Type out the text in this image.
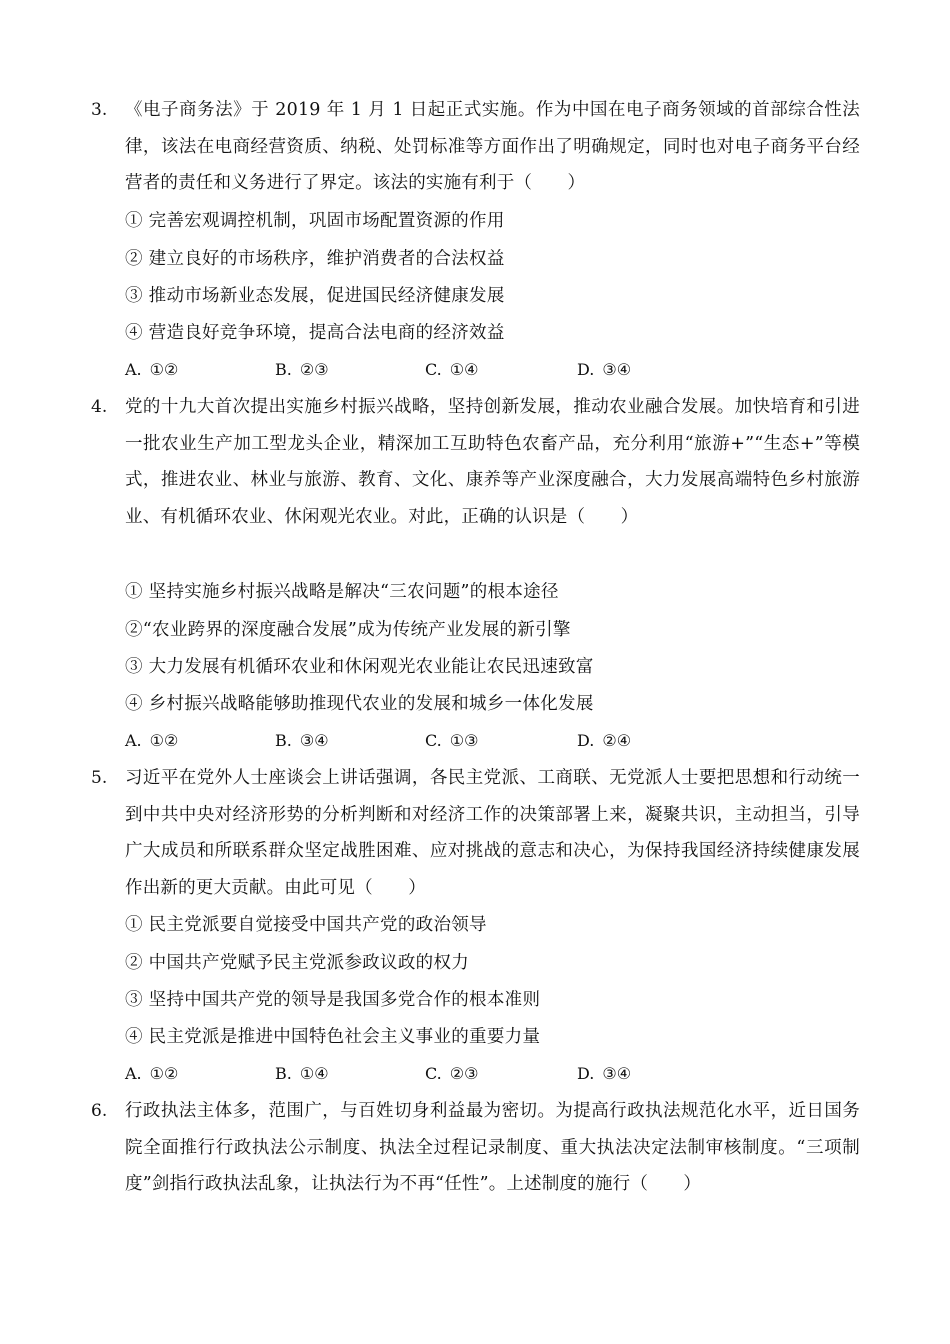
3. 《电子商务法》于 2019 年 1 月 1 日起正式实施。作为中国在电子商务领域的首部综合性法律，该法在电商经营资质、纳税、处罚标准等方面作出了明确规定，同时也对电子商务平台经营者的责任和义务进行了界定。该法的实施有利于（　　）

① 完善宏观调控机制，巩固市场配置资源的作用
② 建立良好的市场秩序，维护消费者的合法权益
③ 推动市场新业态发展，促进国民经济健康发展
④ 营造良好竞争环境，提高合法电商的经济效益
A. ①②	B. ②③	C. ①④	D. ③④
4. 党的十九大首次提出实施乡村振兴战略，坚持创新发展，推动农业融合发展。加快培育和引进一批农业生产加工型龙头企业，精深加工互助特色农畜产品，充分利用“旅游+”“生态+”等模式，推进农业、林业与旅游、教育、文化、康养等产业深度融合，大力发展高端特色乡村旅游业、有机循环农业、休闲观光农业。对此，正确的认识是（　　）

① 坚持实施乡村振兴战略是解决“三农问题”的根本途径
②“农业跨界的深度融合发展”成为传统产业发展的新引擎
③ 大力发展有机循环农业和休闲观光农业能让农民迅速致富
④ 乡村振兴战略能够助推现代农业的发展和城乡一体化发展
A. ①②	B. ③④	C. ①③	D. ②④
5. 习近平在党外人士座谈会上讲话强调，各民主党派、工商联、无党派人士要把思想和行动统一到中共中央对经济形势的分析判断和对经济工作的决策部署上来，凝聚共识，主动担当，引导广大成员和所联系群众坚定战胜困难、应对挑战的意志和决心，为保持我国经济持续健康发展作出新的更大贡献。由此可见（　　）

① 民主党派要自觉接受中国共产党的政治领导
② 中国共产党赋予民主党派参政议政的权力
③ 坚持中国共产党的领导是我国多党合作的根本准则
④ 民主党派是推进中国特色社会主义事业的重要力量
A. ①②	B. ①④	C. ②③	D. ③④
6. 行政执法主体多，范围广，与百姓切身利益最为密切。为提高行政执法规范化水平，近日国务院全面推行行政执法公示制度、执法全过程记录制度、重大执法决定法制审核制度。“三项制度”剑指行政执法乱象，让执法行为不再“任性”。上述制度的施行（　　）
